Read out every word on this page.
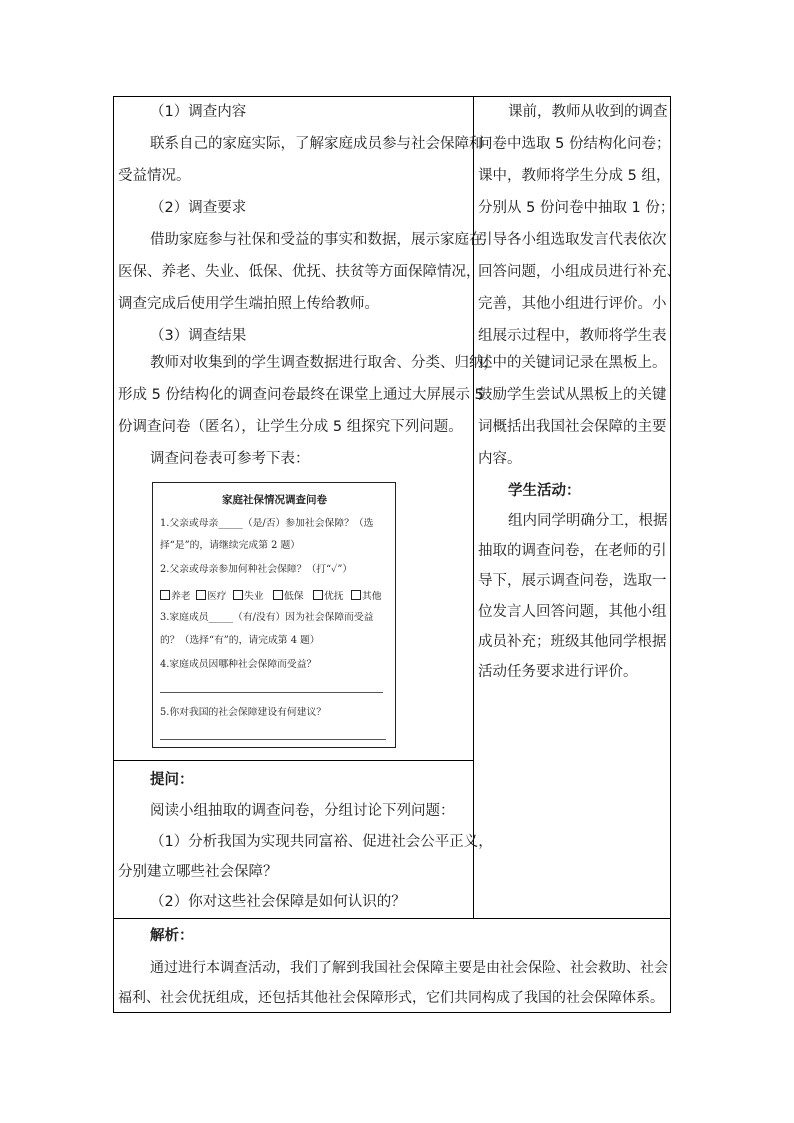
（1）调查内容
联系自己的家庭实际，了解家庭成员参与社会保障和
受益情况。
（2）调查要求
借助家庭参与社保和受益的事实和数据，展示家庭在
医保、养老、失业、低保、优抚、扶贫等方面保障情况，
调查完成后使用学生端拍照上传给教师。
（3）调查结果
教师对收集到的学生调查数据进行取舍、分类、归纳，
形成 5 份结构化的调查问卷最终在课堂上通过大屏展示 5
份调查问卷（匿名），让学生分成 5 组探究下列问题。
调查问卷表可参考下表：
家庭社保情况调查问卷
1.父亲或母亲_____（是/否）参加社会保障？（选
择“是”的，请继续完成第 2 题）
2.父亲或母亲参加何种社会保障？（打“✓”）
养老	医疗	失业	低保	优抚	其他
3.家庭成员_____（有/没有）因为社会保障而受益
的？（选择“有”的，请完成第 4 题）
4.家庭成员因哪种社会保障而受益？
5.你对我国的社会保障建设有何建议？
提问：
阅读小组抽取的调查问卷，分组讨论下列问题：
（1）分析我国为实现共同富裕、促进社会公平正义，
分别建立哪些社会保障？
（2）你对这些社会保障是如何认识的？
课前，教师从收到的调查
问卷中选取 5 份结构化问卷；
课中，教师将学生分成 5 组，
分别从 5 份问卷中抽取 1 份；
引导各小组选取发言代表依次
回答问题，小组成员进行补充、
完善，其他小组进行评价。小
组展示过程中，教师将学生表
述中的关键词记录在黑板上。
鼓励学生尝试从黑板上的关键
词概括出我国社会保障的主要
内容。
学生活动：
组内同学明确分工，根据
抽取的调查问卷，在老师的引
导下，展示调查问卷，选取一
位发言人回答问题，其他小组
成员补充；班级其他同学根据
活动任务要求进行评价。
解析：
通过进行本调查活动，我们了解到我国社会保障主要是由社会保险、社会救助、社会
福利、社会优抚组成，还包括其他社会保障形式，它们共同构成了我国的社会保障体系。
